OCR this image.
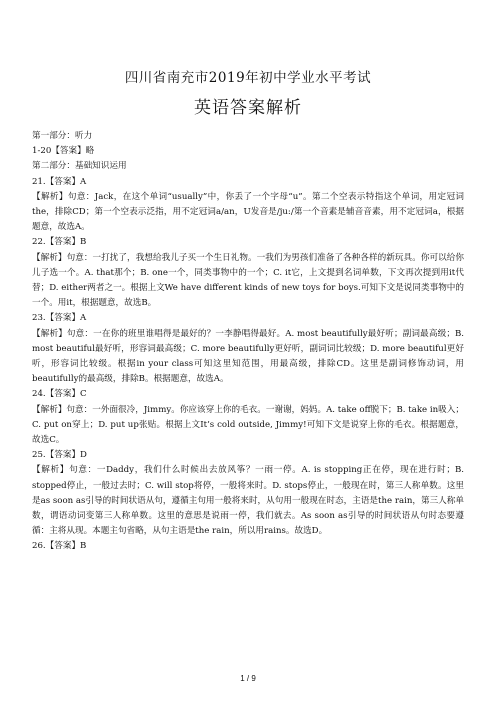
四川省南充市2019年初中学业水平考试
英语答案解析

第一部分：听力

1-20【答案】略

第二部分：基础知识运用

21.【答案】A

【解析】句意：Jack，在这个单词“usually”中，你丢了一个字母“u”。第二个空表示特指这个单词，用定冠词the，排除CD；第一个空表示泛指，用不定冠词a/an，U发音是/ju:/第一个音素是辅音音素，用不定冠词a，根据题意，故选A。

22.【答案】B

【解析】句意：一打扰了，我想给我儿子买一个生日礼物。一我们为男孩们准备了各种各样的新玩具。你可以给你儿子选一个。A. that那个；B. one一个，同类事物中的一个；C. it它，上文提到名词单数，下文再次提到用it代替；D. either两者之一。根据上文We have different kinds of new toys for boys.可知下文是说同类事物中的一个。用it，根据题意，故选B。

23.【答案】A

【解析】句意：一在你的班里谁唱得是最好的？一李静唱得最好。A. most beautifully最好听；副词最高级；B. most beautiful最好听，形容词最高级；C. more beautifully更好听，副词词比较级；D. more beautiful更好听，形容词比较级。根据in your class可知这里知范围，用最高级，排除CD。这里是副词修饰动词，用beautifully的最高级，排除B。根据题意，故选A。

24.【答案】C

【解析】句意：一外面很冷，Jimmy。你应该穿上你的毛衣。一谢谢，妈妈。A. take off脱下；B. take in吸入；C. put on穿上；D. put up张贴。根据上文It’s cold outside, Jimmy!可知下文是说穿上你的毛衣。根据题意，故选C。

25.【答案】D

【解析】句意：一Daddy，我们什么时候出去放风筝？一雨一停。A. is stopping正在停，现在进行时；B. stopped停止，一般过去时；C. will stop将停，一般将来时。D. stops停止，一般现在时，第三人称单数。这里是as soon as引导的时间状语从句，遵循主句用一般将来时，从句用一般现在时态，主语是the rain，第三人称单数，谓语动词变第三人称单数。这里的意思是说雨一停，我们就去。As soon as引导的时间状语从句时态要遵循：主将从现。本题主句省略，从句主语是the rain，所以用rains。故选D。

26.【答案】B

1 / 9
